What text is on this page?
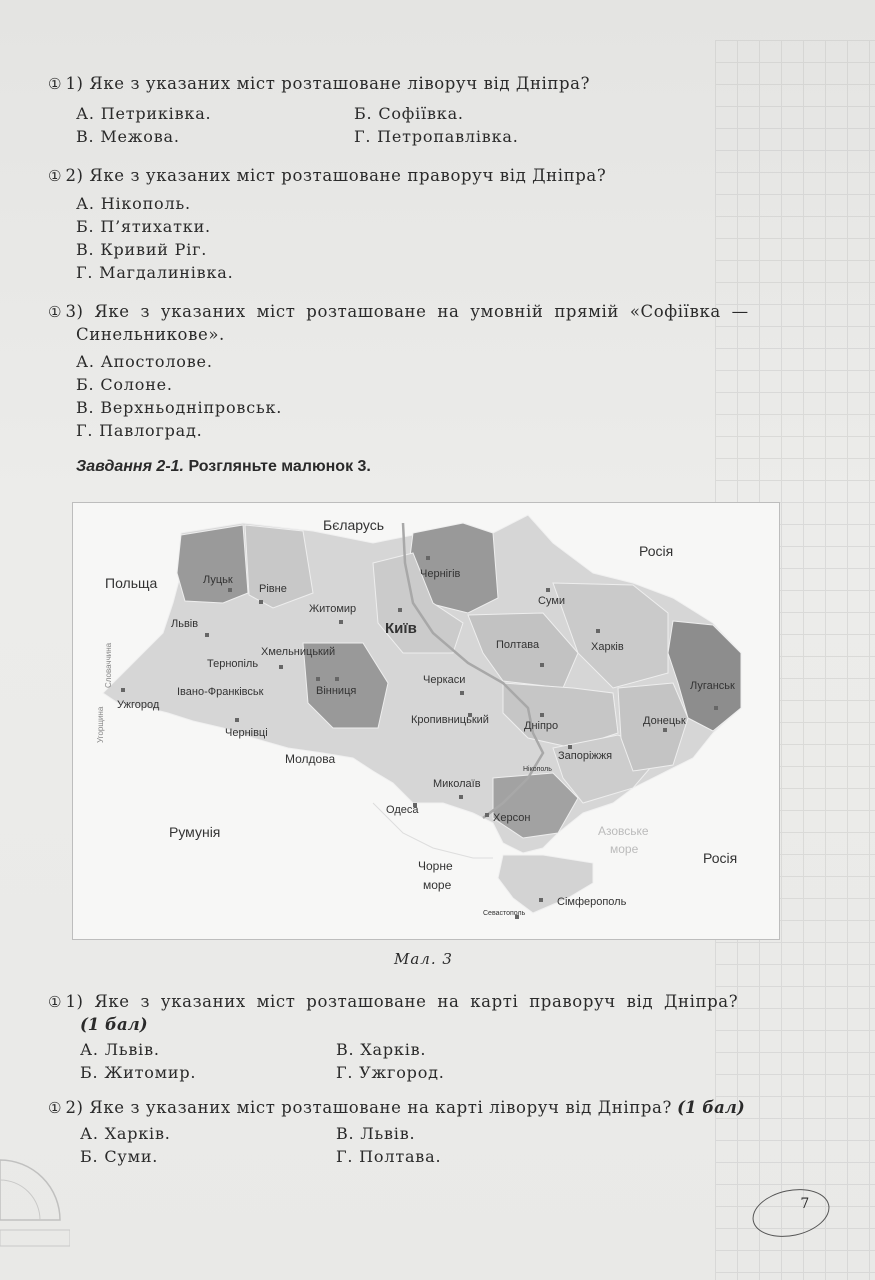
① 1) Яке з указаних міст розташоване ліворуч від Дніпра?
А. Петриківка.	Б. Софіївка.
В. Межова.	Г. Петропавлівка.
① 2) Яке з указаних міст розташоване праворуч від Дніпра?
А. Нікополь.
Б. П’ятихатки.
В. Кривий Ріг.
Г. Магдалинівка.
① 3) Яке з указаних міст розташоване на умовній прямій «Софіївка —
Синельникове».
А. Апостолове.
Б. Солоне.
В. Верхньодніпровськ.
Г. Павлоград.
Завдання 2-1. Розгляньте малюнок 3.
Бєларусь
Росія
Польща
Молдова
Румунія
Чорне
море
Азовське
море
Росія
Словаччина
Угорщина
Луцьк
Рівне
Львів
Житомир
Київ
Чернігів
Суми
Харків
Полтава
Луганськ
Донецьк
Хмельницький
Тернопіль
Івано-Франківськ
Ужгород
Чернівці
Вінниця
Черкаси
Кропивницький	Дніпро
Запоріжжя
Нікополь
Миколаїв
Одеса
Херсон
Сімферополь
Севастополь
Мал. 3
① 1) Яке з указаних міст розташоване на карті праворуч від Дніпра?
(1 бал)
А. Львів.
Б. Житомир.
В. Харків.
Г. Ужгород.
① 2) Яке з указаних міст розташоване на карті ліворуч від Дніпра? (1 бал)
А. Харків.
Б. Суми.
В. Львів.
Г. Полтава.
7
